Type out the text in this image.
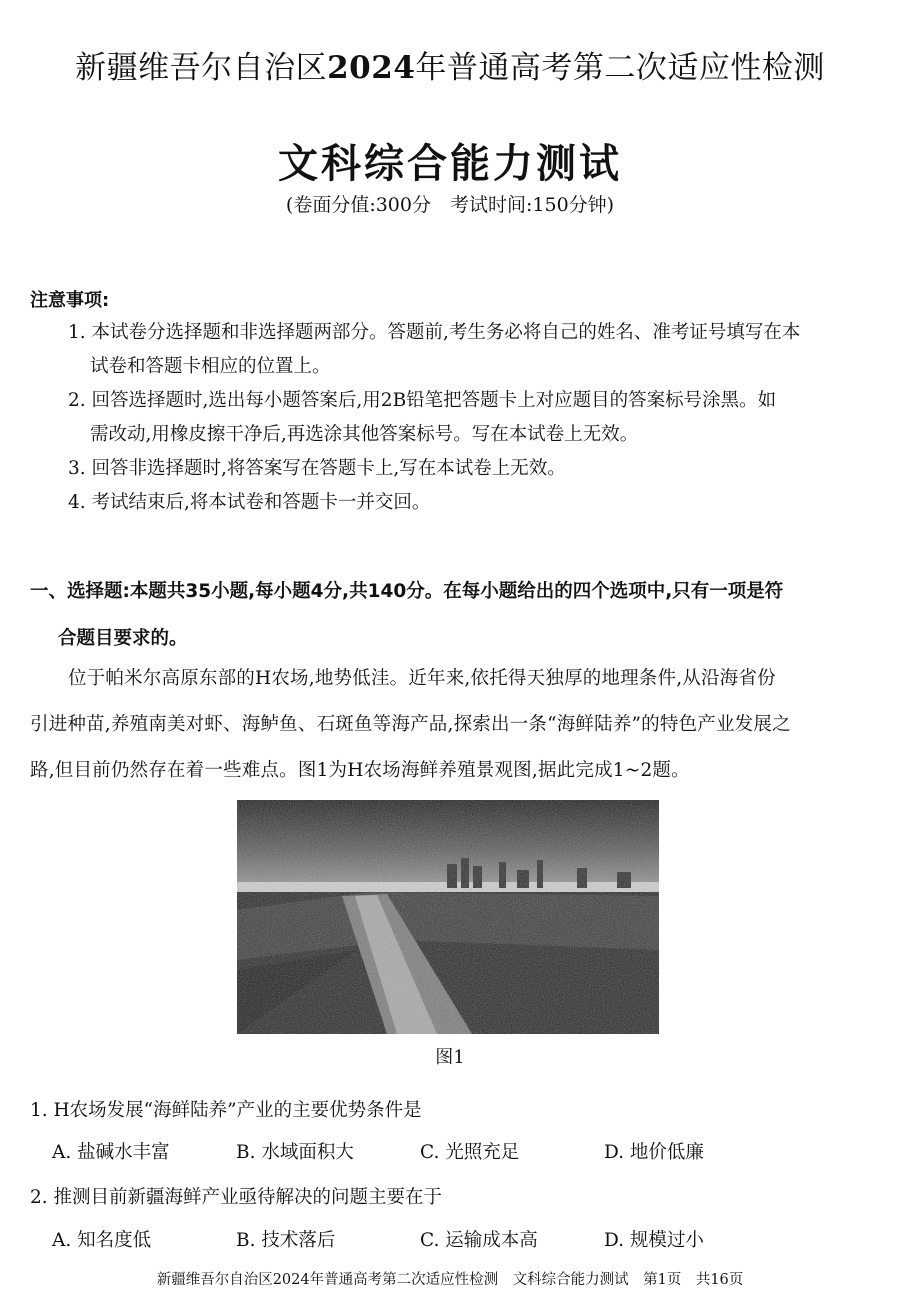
新疆维吾尔自治区2024年普通高考第二次适应性检测
文科综合能力测试
(卷面分值:300分　考试时间:150分钟)
注意事项:
1. 本试卷分选择题和非选择题两部分。答题前,考生务必将自己的姓名、准考证号填写在本
试卷和答题卡相应的位置上。
2. 回答选择题时,选出每小题答案后,用2B铅笔把答题卡上对应题目的答案标号涂黑。如
需改动,用橡皮擦干净后,再选涂其他答案标号。写在本试卷上无效。
3. 回答非选择题时,将答案写在答题卡上,写在本试卷上无效。
4. 考试结束后,将本试卷和答题卡一并交回。
一、选择题:本题共35小题,每小题4分,共140分。在每小题给出的四个选项中,只有一项是符
合题目要求的。
位于帕米尔高原东部的H农场,地势低洼。近年来,依托得天独厚的地理条件,从沿海省份
引进种苗,养殖南美对虾、海鲈鱼、石斑鱼等海产品,探索出一条“海鲜陆养”的特色产业发展之
路,但目前仍然存在着一些难点。图1为H农场海鲜养殖景观图,据此完成1~2题。
图1
1. H农场发展“海鲜陆养”产业的主要优势条件是
A. 盐碱水丰富	B. 水域面积大	C. 光照充足	D. 地价低廉
2. 推测目前新疆海鲜产业亟待解决的问题主要在于
A. 知名度低	B. 技术落后	C. 运输成本高	D. 规模过小
新疆维吾尔自治区2024年普通高考第二次适应性检测　文科综合能力测试　第1页　共16页
